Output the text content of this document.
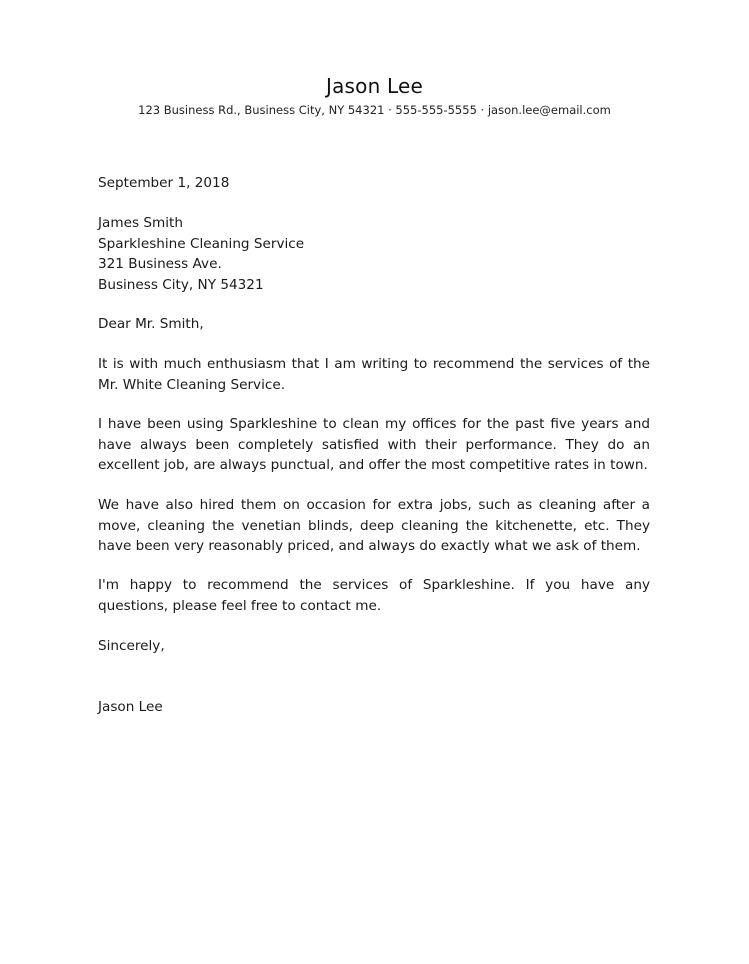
Jason Lee
123 Business Rd., Business City, NY 54321 · 555-555-5555 · jason.lee@email.com
September 1, 2018
James Smith
Sparkleshine Cleaning Service
321 Business Ave.
Business City, NY 54321
Dear Mr. Smith,
It is with much enthusiasm that I am writing to recommend the services of the Mr. White Cleaning Service.
I have been using Sparkleshine to clean my offices for the past five years and have always been completely satisfied with their performance. They do an excellent job, are always punctual, and offer the most competitive rates in town.
We have also hired them on occasion for extra jobs, such as cleaning after a move, cleaning the venetian blinds, deep cleaning the kitchenette, etc. They have been very reasonably priced, and always do exactly what we ask of them.
I'm happy to recommend the services of Sparkleshine. If you have any questions, please feel free to contact me.
Sincerely,
Jason Lee
